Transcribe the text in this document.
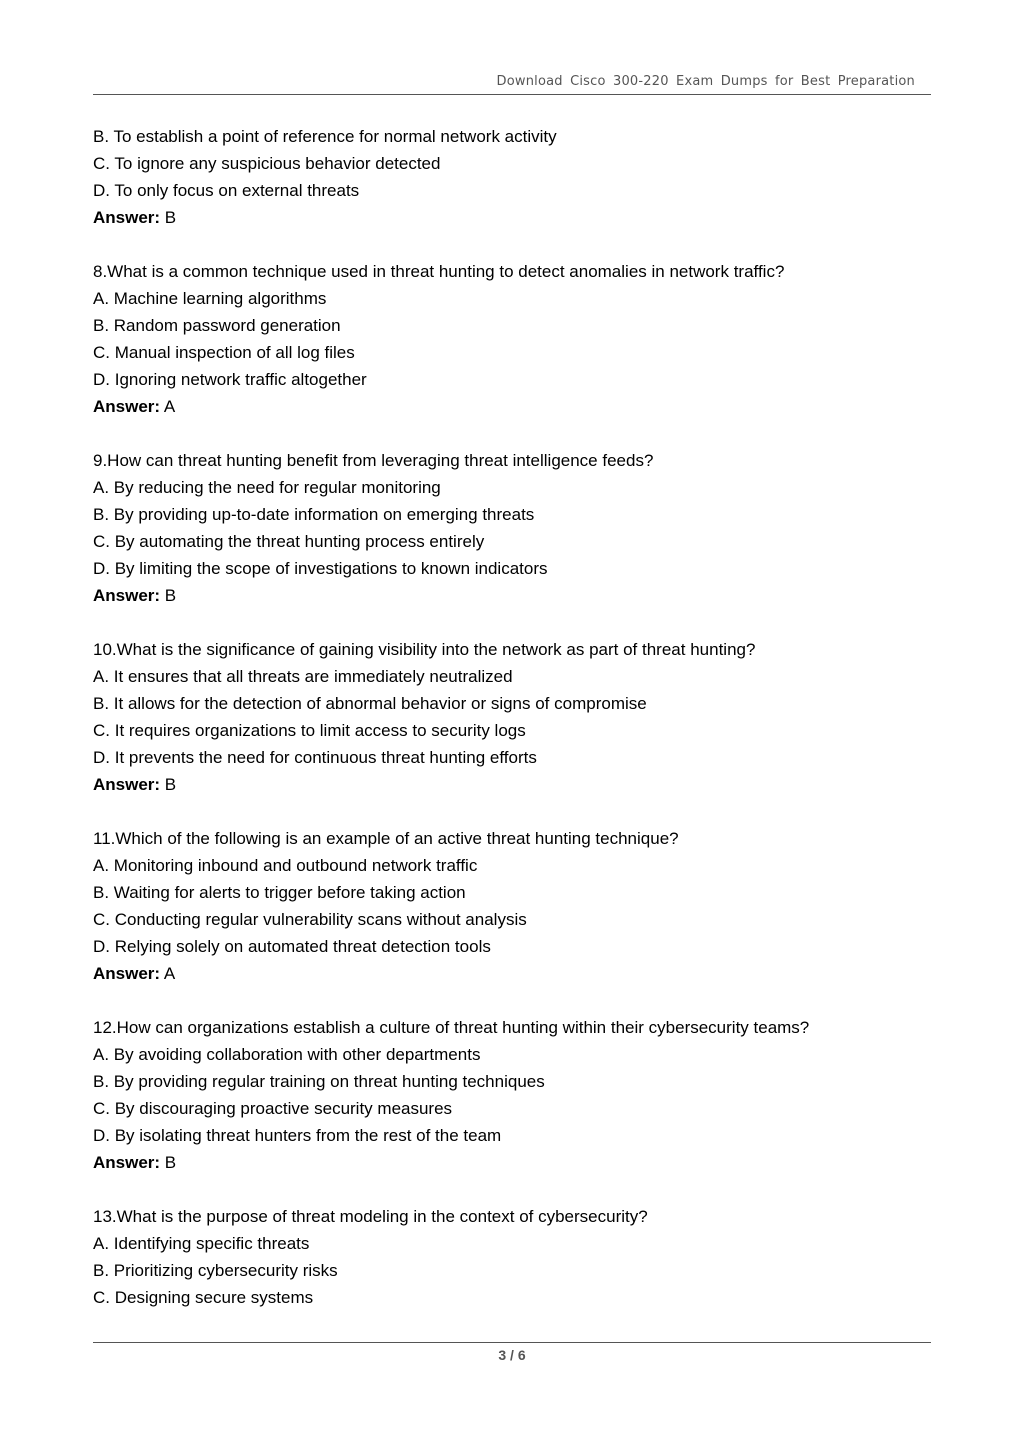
Download Cisco 300-220 Exam Dumps for Best Preparation
B. To establish a point of reference for normal network activity
C. To ignore any suspicious behavior detected
D. To only focus on external threats
Answer: B
8.What is a common technique used in threat hunting to detect anomalies in network traffic?
A. Machine learning algorithms
B. Random password generation
C. Manual inspection of all log files
D. Ignoring network traffic altogether
Answer: A
9.How can threat hunting benefit from leveraging threat intelligence feeds?
A. By reducing the need for regular monitoring
B. By providing up-to-date information on emerging threats
C. By automating the threat hunting process entirely
D. By limiting the scope of investigations to known indicators
Answer: B
10.What is the significance of gaining visibility into the network as part of threat hunting?
A. It ensures that all threats are immediately neutralized
B. It allows for the detection of abnormal behavior or signs of compromise
C. It requires organizations to limit access to security logs
D. It prevents the need for continuous threat hunting efforts
Answer: B
11.Which of the following is an example of an active threat hunting technique?
A. Monitoring inbound and outbound network traffic
B. Waiting for alerts to trigger before taking action
C. Conducting regular vulnerability scans without analysis
D. Relying solely on automated threat detection tools
Answer: A
12.How can organizations establish a culture of threat hunting within their cybersecurity teams?
A. By avoiding collaboration with other departments
B. By providing regular training on threat hunting techniques
C. By discouraging proactive security measures
D. By isolating threat hunters from the rest of the team
Answer: B
13.What is the purpose of threat modeling in the context of cybersecurity?
A. Identifying specific threats
B. Prioritizing cybersecurity risks
C. Designing secure systems
3 / 6
